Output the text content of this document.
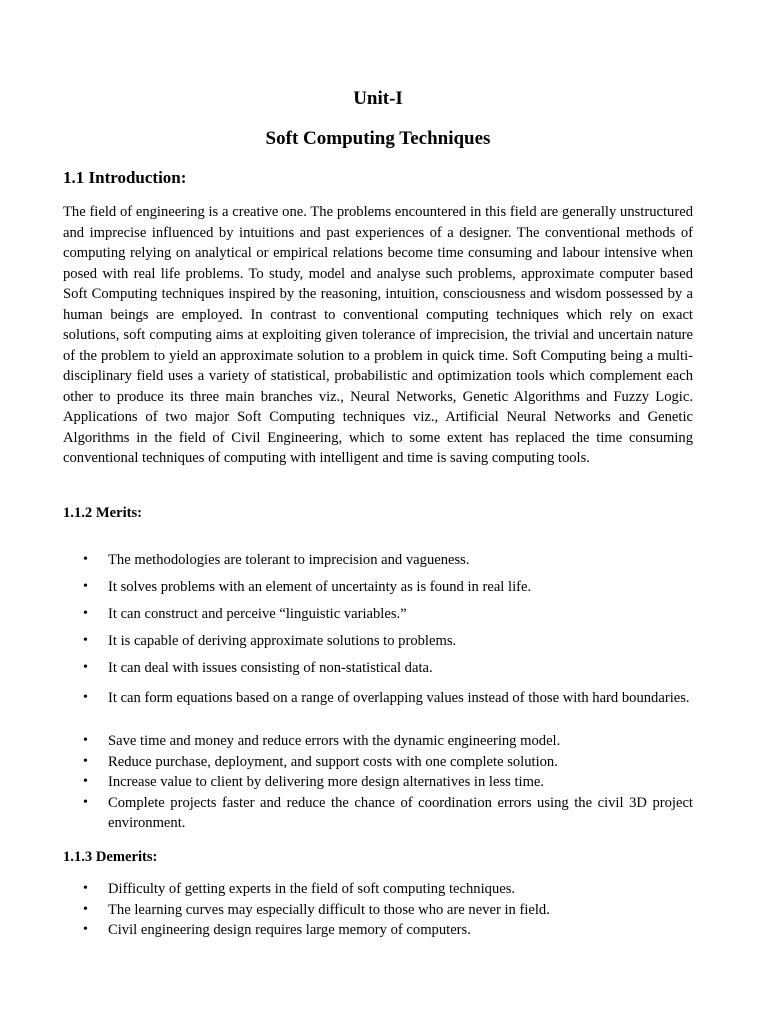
Unit-I
Soft Computing Techniques
1.1 Introduction:

The field of engineering is a creative one. The problems encountered in this field are generally unstructured and imprecise influenced by intuitions and past experiences of a designer. The conventional methods of computing relying on analytical or empirical relations become time consuming and labour intensive when posed with real life problems. To study, model and analyse such problems, approximate computer based Soft Computing techniques inspired by the reasoning, intuition, consciousness and wisdom possessed by a human beings are employed. In contrast to conventional computing techniques which rely on exact solutions, soft computing aims at exploiting given tolerance of imprecision, the trivial and uncertain nature of the problem to yield an approximate solution to a problem in quick time. Soft Computing being a multi-disciplinary field uses a variety of statistical, probabilistic and optimization tools which complement each other to produce its three main branches viz., Neural Networks, Genetic Algorithms and Fuzzy Logic. Applications of two major Soft Computing techniques viz., Artificial Neural Networks and Genetic Algorithms in the field of Civil Engineering, which to some extent has replaced the time consuming conventional techniques of computing with intelligent and time is saving computing tools.

1.1.2 Merits:
• The methodologies are tolerant to imprecision and vagueness.
• It solves problems with an element of uncertainty as is found in real life.
• It can construct and perceive “linguistic variables.”
• It is capable of deriving approximate solutions to problems.
• It can deal with issues consisting of non-statistical data.
• It can form equations based on a range of overlapping values instead of those with hard boundaries.
• Save time and money and reduce errors with the dynamic engineering model.
• Reduce purchase, deployment, and support costs with one complete solution.
• Increase value to client by delivering more design alternatives in less time.
• Complete projects faster and reduce the chance of coordination errors using the civil 3D project environment.
1.1.3 Demerits:
• Difficulty of getting experts in the field of soft computing techniques.
• The learning curves may especially difficult to those who are never in field.
• Civil engineering design requires large memory of computers.
